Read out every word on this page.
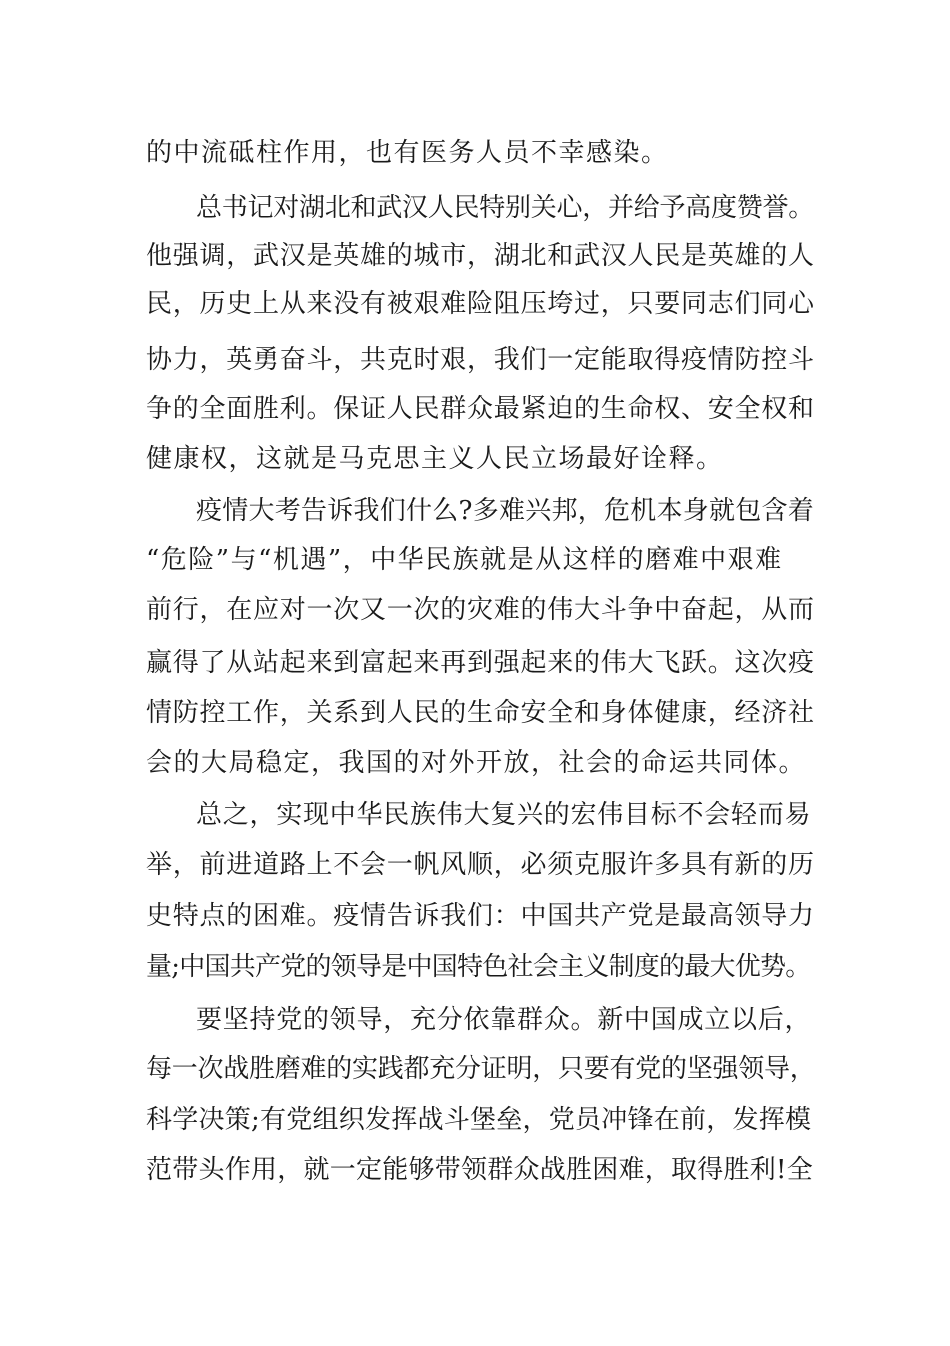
的中流砥柱作用，也有医务人员不幸感染。

总书记对湖北和武汉人民特别关心，并给予高度赞誉。

他强调，武汉是英雄的城市，湖北和武汉人民是英雄的人

民，历史上从来没有被艰难险阻压垮过，只要同志们同心

协力，英勇奋斗，共克时艰，我们一定能取得疫情防控斗

争的全面胜利。保证人民群众最紧迫的生命权、安全权和

健康权，这就是马克思主义人民立场最好诠释。

疫情大考告诉我们什么?多难兴邦，危机本身就包含着

“危险”与“机遇”，中华民族就是从这样的磨难中艰难

前行，在应对一次又一次的灾难的伟大斗争中奋起，从而

赢得了从站起来到富起来再到强起来的伟大飞跃。这次疫

情防控工作，关系到人民的生命安全和身体健康，经济社

会的大局稳定，我国的对外开放，社会的命运共同体。

总之，实现中华民族伟大复兴的宏伟目标不会轻而易

举，前进道路上不会一帆风顺，必须克服许多具有新的历

史特点的困难。疫情告诉我们：中国共产党是最高领导力

量;中国共产党的领导是中国特色社会主义制度的最大优势。

要坚持党的领导，充分依靠群众。新中国成立以后，

每一次战胜磨难的实践都充分证明，只要有党的坚强领导，

科学决策;有党组织发挥战斗堡垒，党员冲锋在前，发挥模

范带头作用，就一定能够带领群众战胜困难，取得胜利!全
